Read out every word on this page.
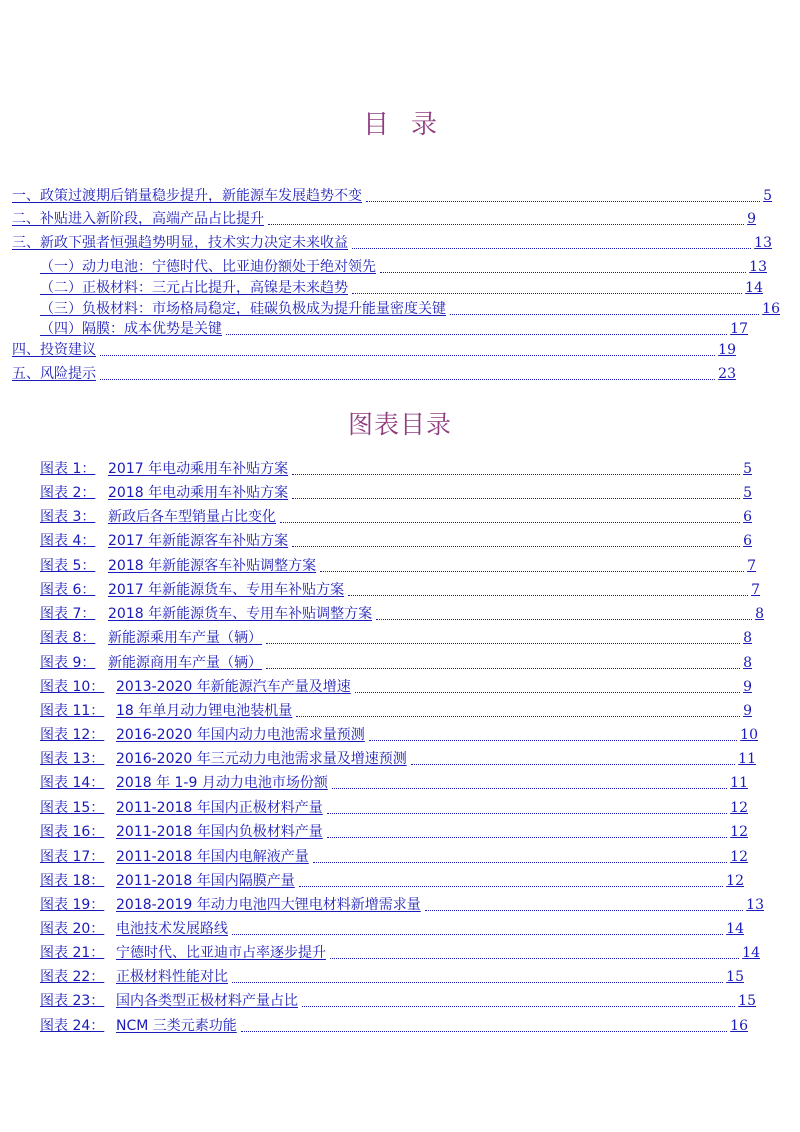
目录
一、政策过渡期后销量稳步提升，新能源车发展趋势不变	5
二、补贴进入新阶段，高端产品占比提升	9
三、新政下强者恒强趋势明显，技术实力决定未来收益	13
（一）动力电池：宁德时代、比亚迪份额处于绝对领先	13
（二）正极材料：三元占比提升，高镍是未来趋势	14
（三）负极材料：市场格局稳定，硅碳负极成为提升能量密度关键	16
（四）隔膜：成本优势是关键	17
四、投资建议	19
五、风险提示	23
图表目录
图表 1： 2017 年电动乘用车补贴方案	5
图表 2： 2018 年电动乘用车补贴方案	5
图表 3： 新政后各车型销量占比变化	6
图表 4： 2017 年新能源客车补贴方案	6
图表 5： 2018 年新能源客车补贴调整方案	7
图表 6： 2017 年新能源货车、专用车补贴方案	7
图表 7： 2018 年新能源货车、专用车补贴调整方案	8
图表 8： 新能源乘用车产量（辆）	8
图表 9： 新能源商用车产量（辆）	8
图表 10： 2013-2020 年新能源汽车产量及增速	9
图表 11： 18 年单月动力锂电池装机量	9
图表 12： 2016-2020 年国内动力电池需求量预测	10
图表 13： 2016-2020 年三元动力电池需求量及增速预测	11
图表 14： 2018 年 1-9 月动力电池市场份额	11
图表 15： 2011-2018 年国内正极材料产量	12
图表 16： 2011-2018 年国内负极材料产量	12
图表 17： 2011-2018 年国内电解液产量	12
图表 18： 2011-2018 年国内隔膜产量	12
图表 19： 2018-2019 年动力电池四大锂电材料新增需求量	13
图表 20： 电池技术发展路线	14
图表 21： 宁德时代、比亚迪市占率逐步提升	14
图表 22： 正极材料性能对比	15
图表 23： 国内各类型正极材料产量占比	15
图表 24： NCM 三类元素功能	16
